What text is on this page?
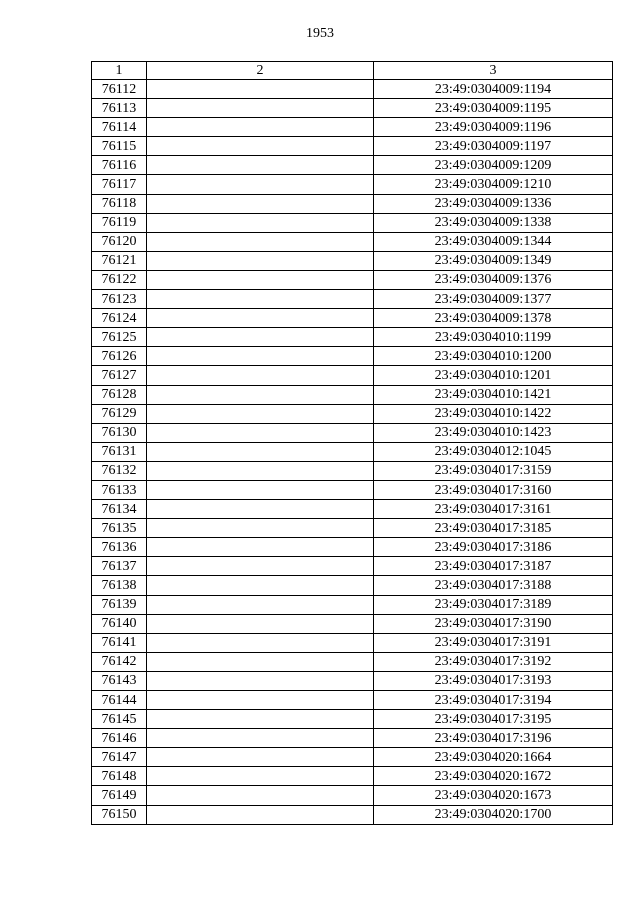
1953
1	2	3
76112		23:49:0304009:1194
76113		23:49:0304009:1195
76114		23:49:0304009:1196
76115		23:49:0304009:1197
76116		23:49:0304009:1209
76117		23:49:0304009:1210
76118		23:49:0304009:1336
76119		23:49:0304009:1338
76120		23:49:0304009:1344
76121		23:49:0304009:1349
76122		23:49:0304009:1376
76123		23:49:0304009:1377
76124		23:49:0304009:1378
76125		23:49:0304010:1199
76126		23:49:0304010:1200
76127		23:49:0304010:1201
76128		23:49:0304010:1421
76129		23:49:0304010:1422
76130		23:49:0304010:1423
76131		23:49:0304012:1045
76132		23:49:0304017:3159
76133		23:49:0304017:3160
76134		23:49:0304017:3161
76135		23:49:0304017:3185
76136		23:49:0304017:3186
76137		23:49:0304017:3187
76138		23:49:0304017:3188
76139		23:49:0304017:3189
76140		23:49:0304017:3190
76141		23:49:0304017:3191
76142		23:49:0304017:3192
76143		23:49:0304017:3193
76144		23:49:0304017:3194
76145		23:49:0304017:3195
76146		23:49:0304017:3196
76147		23:49:0304020:1664
76148		23:49:0304020:1672
76149		23:49:0304020:1673
76150		23:49:0304020:1700
